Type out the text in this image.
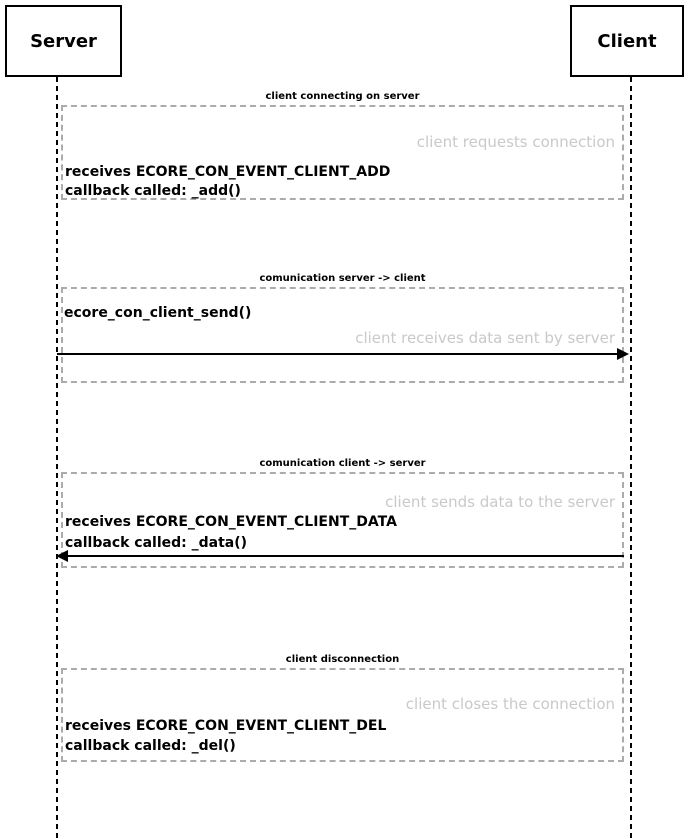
Server	Client
client connecting on server
client requests connection
receives ECORE_CON_EVENT_CLIENT_ADD
callback called: _add()
comunication server -> client
ecore_con_client_send()
client receives data sent by server
comunication client -> server
client sends data to the server
receives ECORE_CON_EVENT_CLIENT_DATA
callback called: _data()
client disconnection
client closes the connection
receives ECORE_CON_EVENT_CLIENT_DEL
callback called: _del()
